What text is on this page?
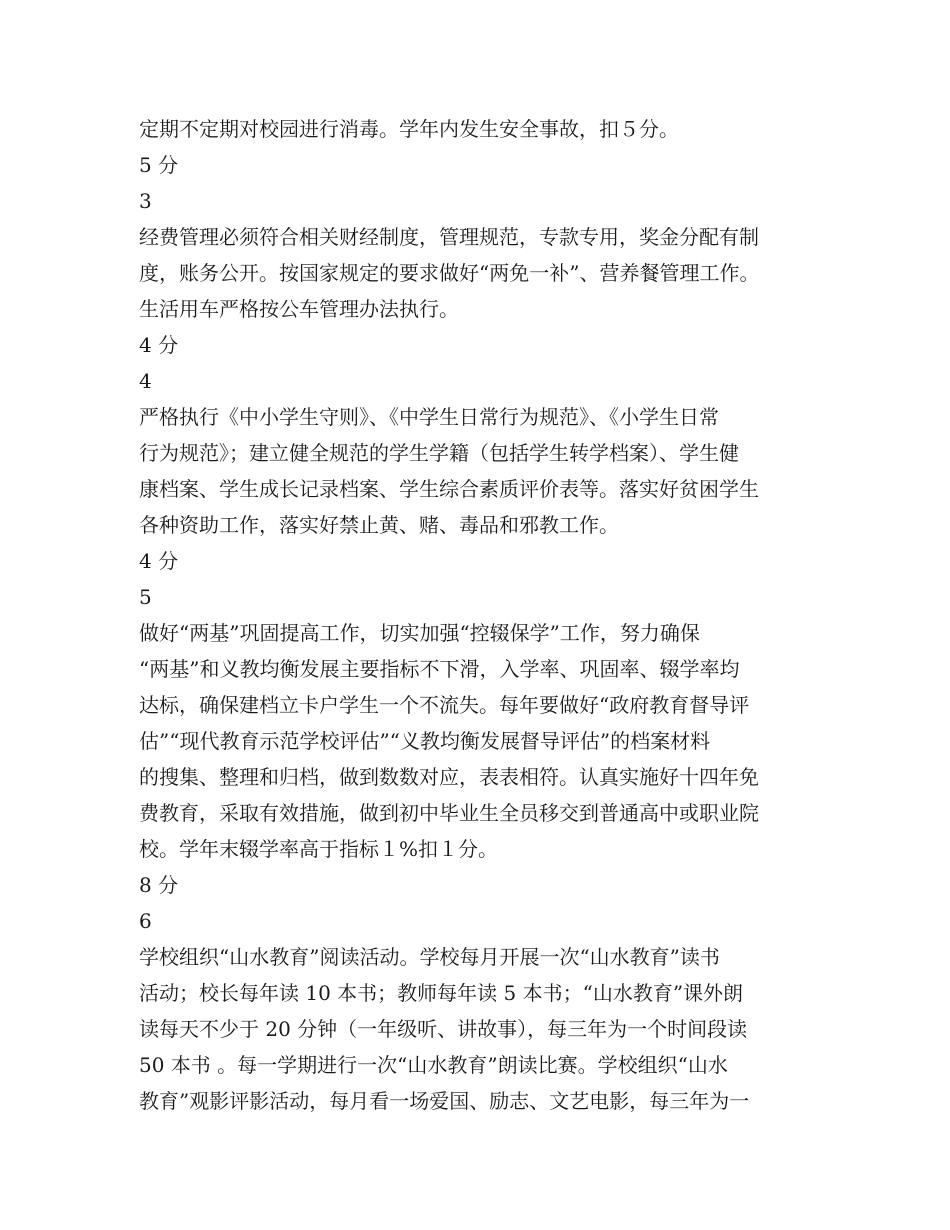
定期不定期对校园进行消毒。学年内发生安全事故，扣５分。
5 分
3
经费管理必须符合相关财经制度，管理规范，专款专用，奖金分配有制
度，账务公开。按国家规定的要求做好“两免一补”、营养餐管理工作。
生活用车严格按公车管理办法执行。
4 分
4
严格执行《中小学生守则》、《中学生日常行为规范》、《小学生日常
行为规范》；建立健全规范的学生学籍（包括学生转学档案）、学生健
康档案、学生成长记录档案、学生综合素质评价表等。落实好贫困学生
各种资助工作，落实好禁止黄、赌、毒品和邪教工作。
4 分
5
做好“两基”巩固提高工作，切实加强“控辍保学”工作，努力确保
“两基”和义教均衡发展主要指标不下滑，入学率、巩固率、辍学率均
达标，确保建档立卡户学生一个不流失。每年要做好“政府教育督导评
估”“现代教育示范学校评估”“义教均衡发展督导评估”的档案材料
的搜集、整理和归档，做到数数对应，表表相符。认真实施好十四年免
费教育，采取有效措施，做到初中毕业生全员移交到普通高中或职业院
校。学年末辍学率高于指标１%扣１分。
8 分
6
学校组织“山水教育”阅读活动。学校每月开展一次“山水教育”读书
活动；校长每年读 10 本书；教师每年读 5 本书；“山水教育”课外朗
读每天不少于 20 分钟（一年级听、讲故事），每三年为一个时间段读
50 本书 。每一学期进行一次“山水教育”朗读比赛。学校组织“山水
教育”观影评影活动，每月看一场爱国、励志、文艺电影，每三年为一
